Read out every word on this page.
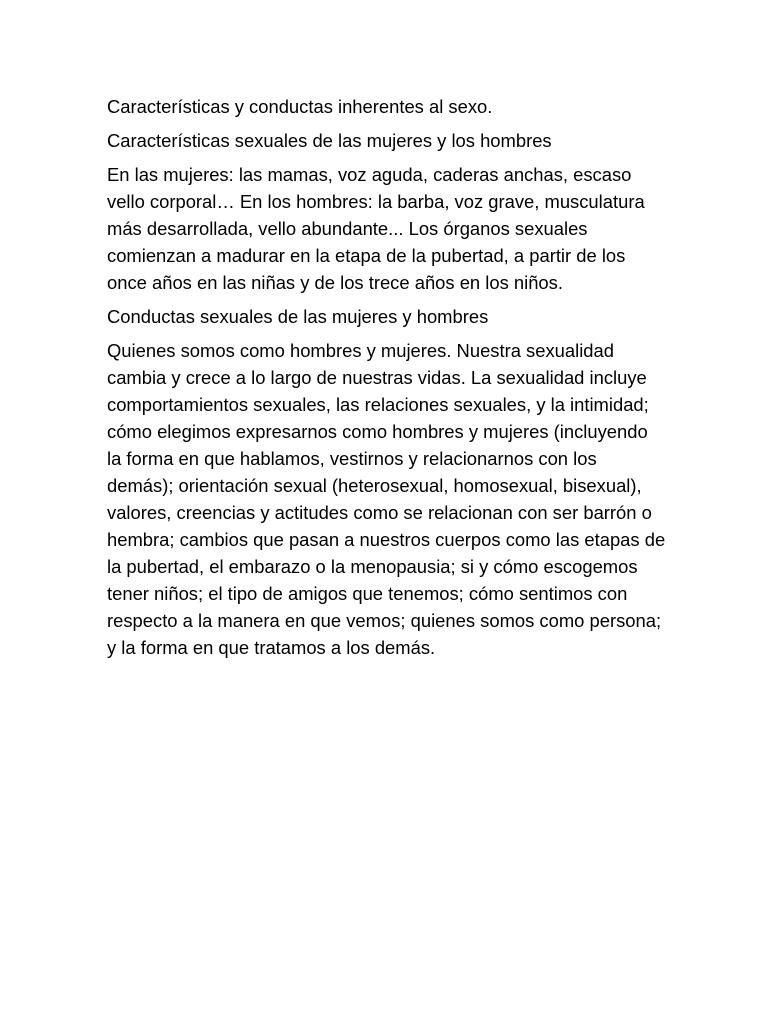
Características y conductas inherentes al sexo.

Características sexuales de las mujeres y los hombres

En las mujeres: las mamas, voz aguda, caderas anchas, escaso vello corporal… En los hombres: la barba, voz grave, musculatura más desarrollada, vello abundante... Los órganos sexuales comienzan a madurar en la etapa de la pubertad, a partir de los once años en las niñas y de los trece años en los niños.

Conductas sexuales de las mujeres y hombres

Quienes somos como hombres y mujeres. Nuestra sexualidad cambia y crece a lo largo de nuestras vidas. La sexualidad incluye comportamientos sexuales, las relaciones sexuales, y la intimidad; cómo elegimos expresarnos como hombres y mujeres (incluyendo la forma en que hablamos, vestirnos y relacionarnos con los demás); orientación sexual (heterosexual, homosexual, bisexual), valores, creencias y actitudes como se relacionan con ser barrón o hembra; cambios que pasan a nuestros cuerpos como las etapas de la pubertad, el embarazo o la menopausia; si y cómo escogemos tener niños; el tipo de amigos que tenemos; cómo sentimos con respecto a la manera en que vemos; quienes somos como persona; y la forma en que tratamos a los demás.
